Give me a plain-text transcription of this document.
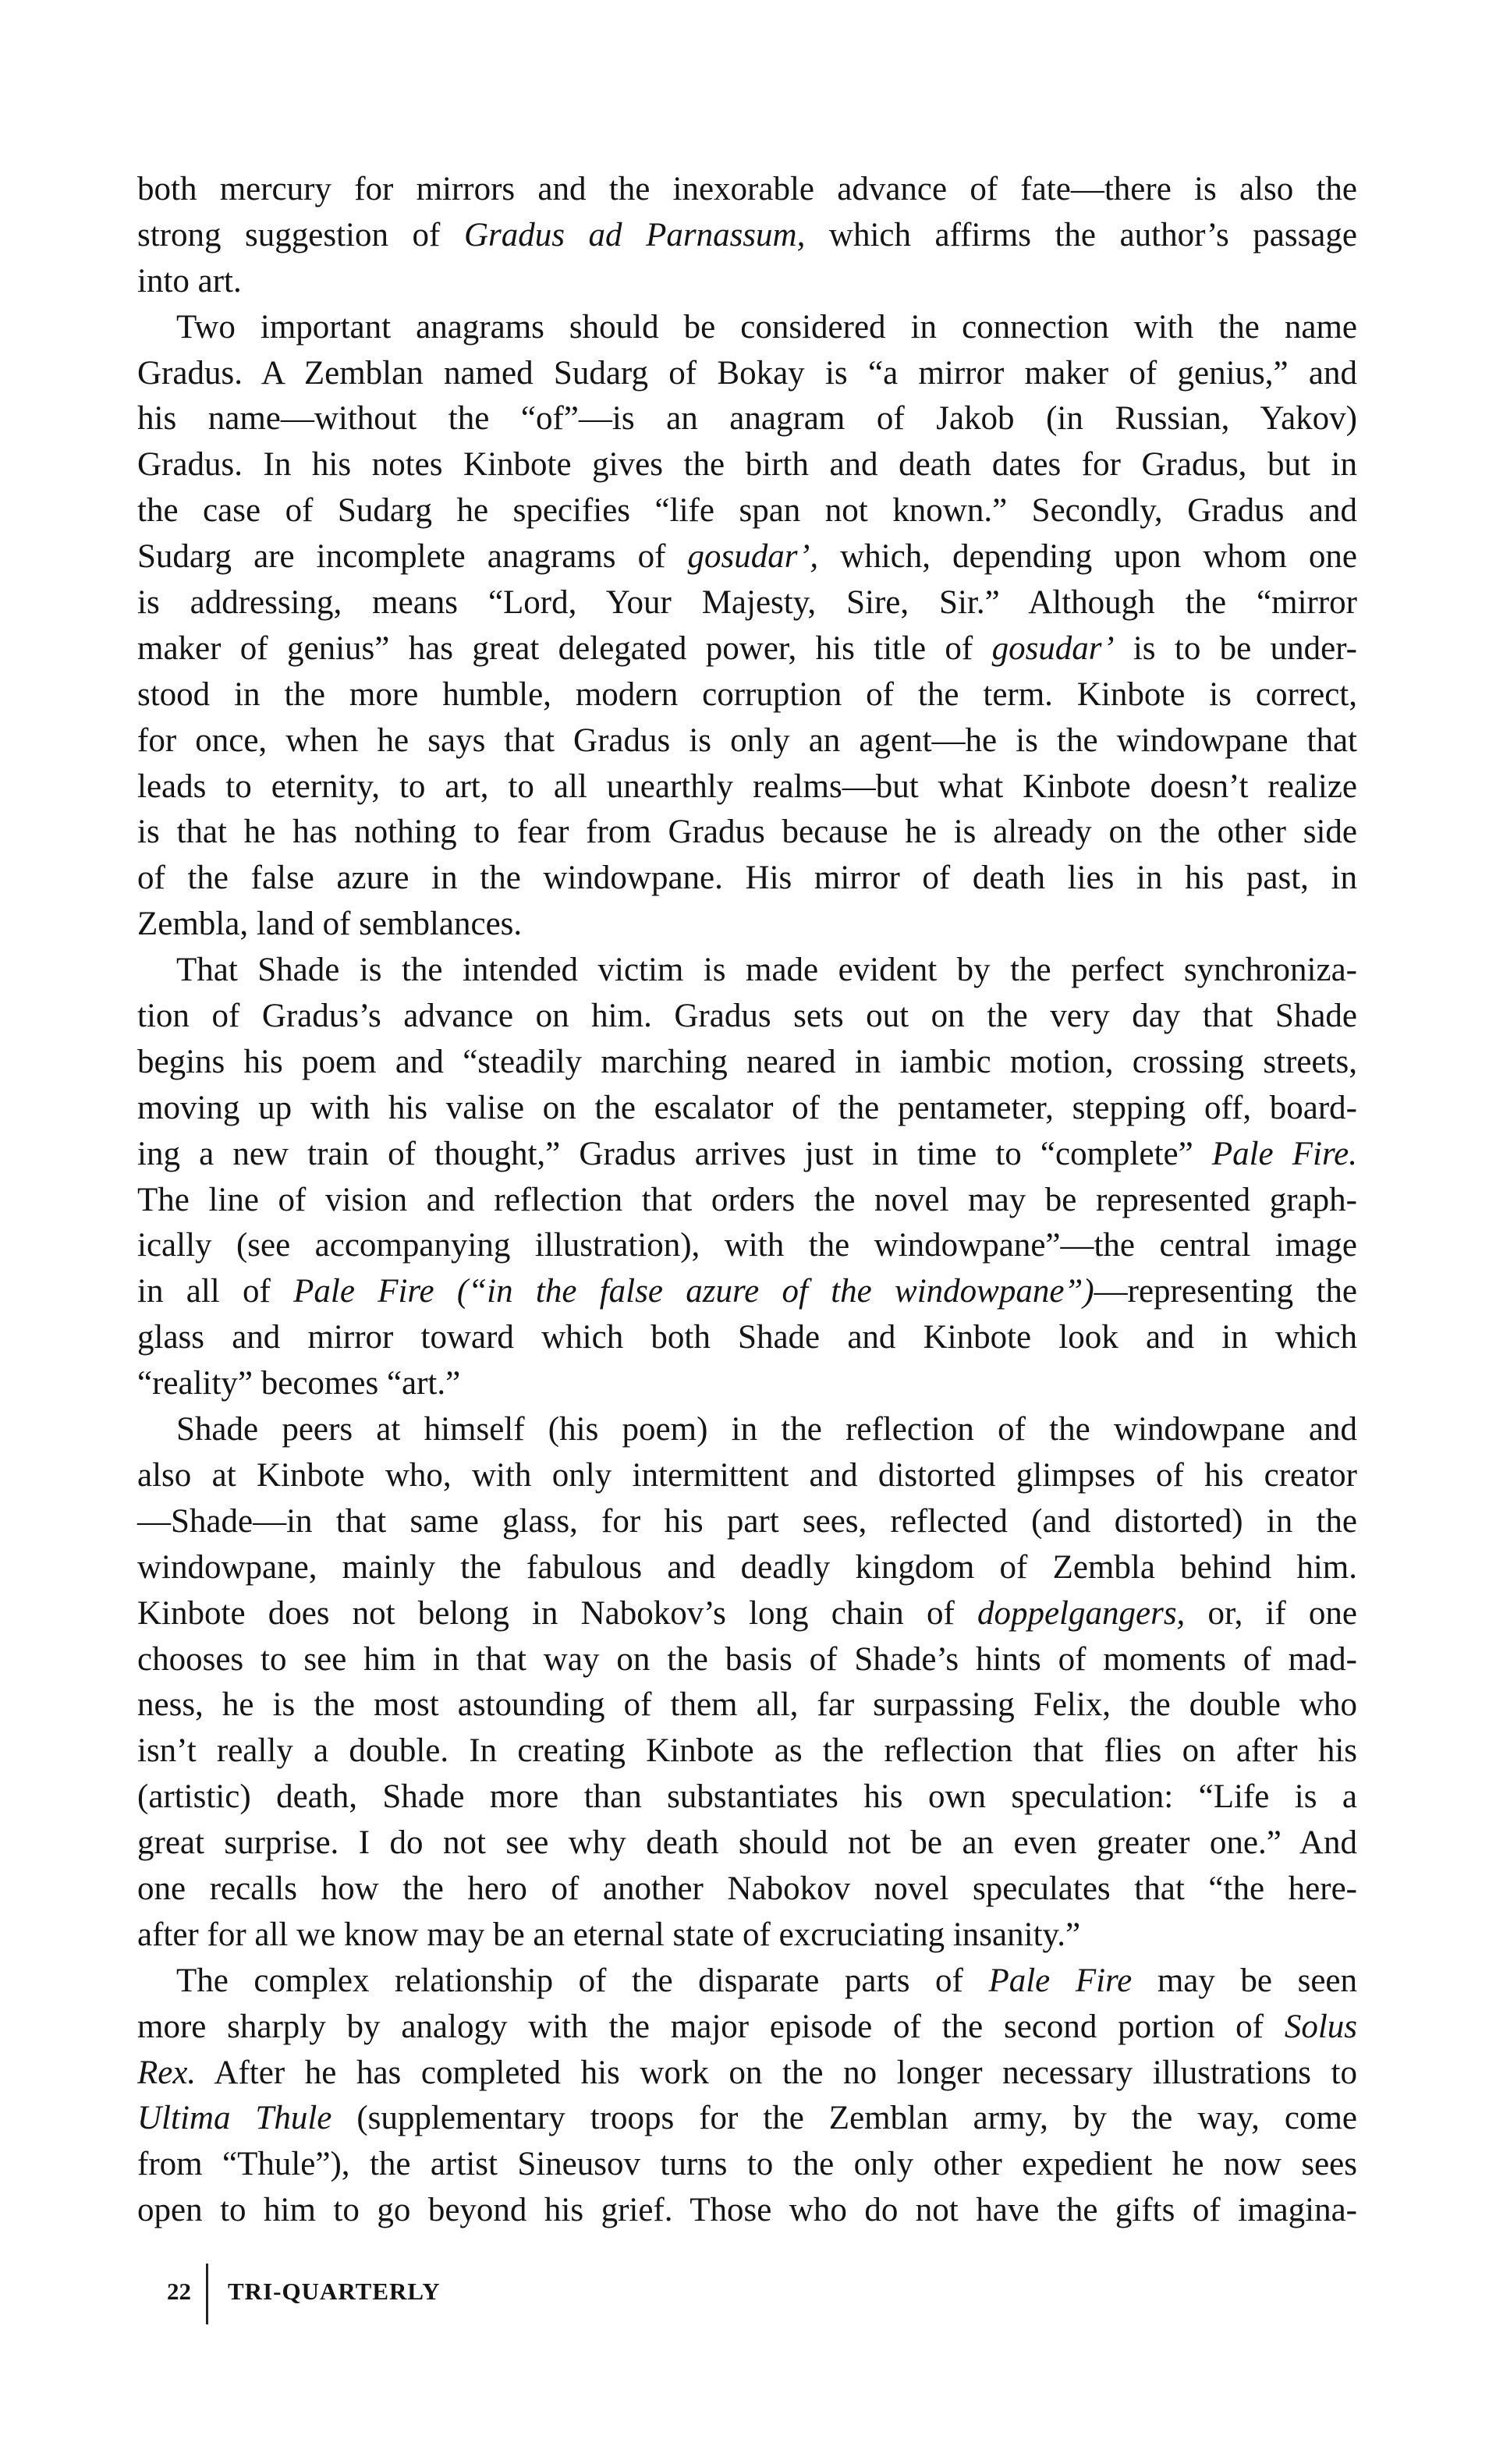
both mercury for mirrors and the inexorable advance of fate—there is also the
strong suggestion of Gradus ad Parnassum, which affirms the author’s passage
into art.
Two important anagrams should be considered in connection with the name
Gradus. A Zemblan named Sudarg of Bokay is “a mirror maker of genius,” and
his name—without the “of”—is an anagram of Jakob (in Russian, Yakov)
Gradus. In his notes Kinbote gives the birth and death dates for Gradus, but in
the case of Sudarg he specifies “life span not known.” Secondly, Gradus and
Sudarg are incomplete anagrams of gosudar’, which, depending upon whom one
is addressing, means “Lord, Your Majesty, Sire, Sir.” Although the “mirror
maker of genius” has great delegated power, his title of gosudar’ is to be under-
stood in the more humble, modern corruption of the term. Kinbote is correct,
for once, when he says that Gradus is only an agent—he is the windowpane that
leads to eternity, to art, to all unearthly realms—but what Kinbote doesn’t realize
is that he has nothing to fear from Gradus because he is already on the other side
of the false azure in the windowpane. His mirror of death lies in his past, in
Zembla, land of semblances.
That Shade is the intended victim is made evident by the perfect synchroniza-
tion of Gradus’s advance on him. Gradus sets out on the very day that Shade
begins his poem and “steadily marching neared in iambic motion, crossing streets,
moving up with his valise on the escalator of the pentameter, stepping off, board-
ing a new train of thought,” Gradus arrives just in time to “complete” Pale Fire.
The line of vision and reflection that orders the novel may be represented graph-
ically (see accompanying illustration), with the windowpane”—the central image
in all of Pale Fire (“in the false azure of the windowpane”)—representing the
glass and mirror toward which both Shade and Kinbote look and in which
“reality” becomes “art.”
Shade peers at himself (his poem) in the reflection of the windowpane and
also at Kinbote who, with only intermittent and distorted glimpses of his creator
—Shade—in that same glass, for his part sees, reflected (and distorted) in the
windowpane, mainly the fabulous and deadly kingdom of Zembla behind him.
Kinbote does not belong in Nabokov’s long chain of doppelgangers, or, if one
chooses to see him in that way on the basis of Shade’s hints of moments of mad-
ness, he is the most astounding of them all, far surpassing Felix, the double who
isn’t really a double. In creating Kinbote as the reflection that flies on after his
(artistic) death, Shade more than substantiates his own speculation: “Life is a
great surprise. I do not see why death should not be an even greater one.” And
one recalls how the hero of another Nabokov novel speculates that “the here-
after for all we know may be an eternal state of excruciating insanity.”
The complex relationship of the disparate parts of Pale Fire may be seen
more sharply by analogy with the major episode of the second portion of Solus
Rex. After he has completed his work on the no longer necessary illustrations to
Ultima Thule (supplementary troops for the Zemblan army, by the way, come
from “Thule”), the artist Sineusov turns to the only other expedient he now sees
open to him to go beyond his grief. Those who do not have the gifts of imagina-
22 TRI-QUARTERLY
